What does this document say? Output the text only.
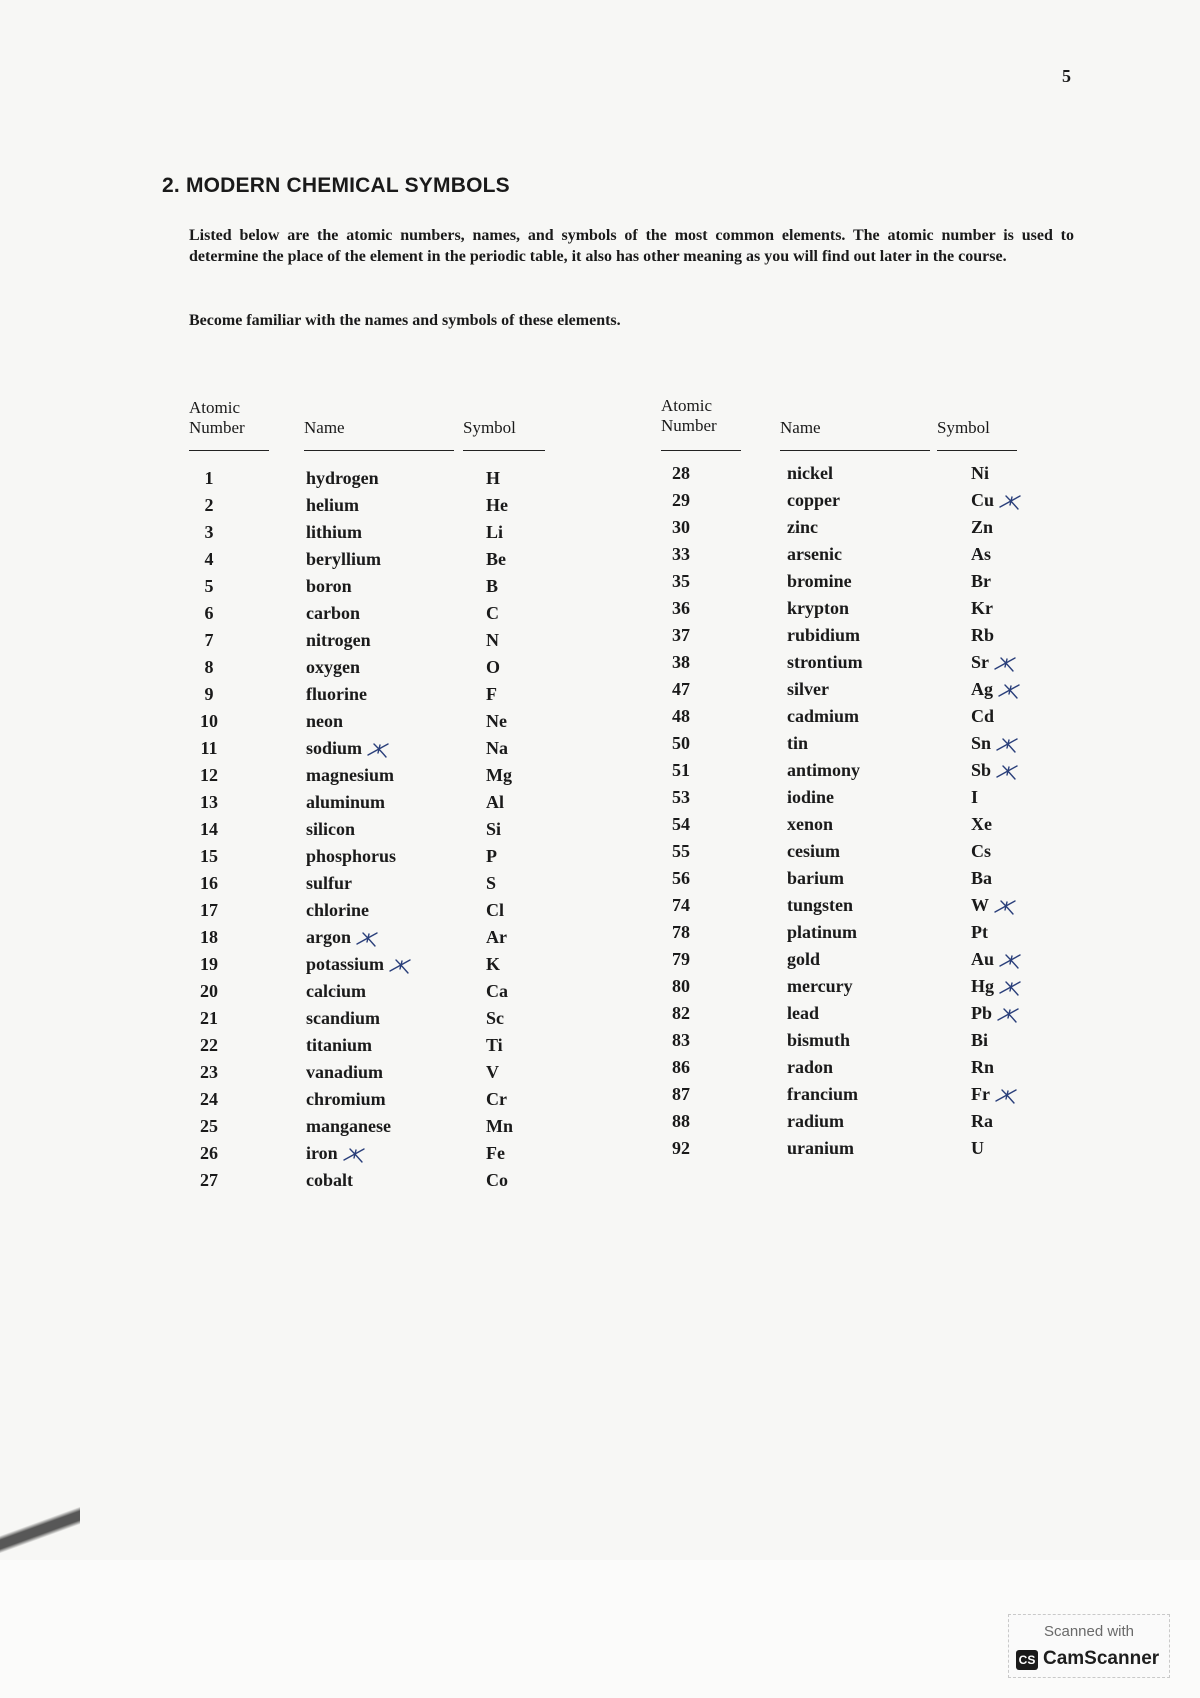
5
2. MODERN CHEMICAL SYMBOLS
Listed below are the atomic numbers, names, and symbols of the most common elements. The atomic number is used to determine the place of the element in the periodic table, it also has other meaning as you will find out later in the course.
Become familiar with the names and symbols of these elements.
Atomic
Number	Name	Symbol
1	hydrogen	H
2	helium	He
3	lithium	Li
4	beryllium	Be
5	boron	B
6	carbon	C
7	nitrogen	N
8	oxygen	O
9	fluorine	F
10	neon	Ne
11	sodium	Na
12	magnesium	Mg
13	aluminum	Al
14	silicon	Si
15	phosphorus	P
16	sulfur	S
17	chlorine	Cl
18	argon	Ar
19	potassium	K
20	calcium	Ca
21	scandium	Sc
22	titanium	Ti
23	vanadium	V
24	chromium	Cr
25	manganese	Mn
26	iron	Fe
27	cobalt	Co
Atomic
Number	Name	Symbol
28	nickel	Ni
29	copper	Cu
30	zinc	Zn
33	arsenic	As
35	bromine	Br
36	krypton	Kr
37	rubidium	Rb
38	strontium	Sr
47	silver	Ag
48	cadmium	Cd
50	tin	Sn
51	antimony	Sb
53	iodine	I
54	xenon	Xe
55	cesium	Cs
56	barium	Ba
74	tungsten	W
78	platinum	Pt
79	gold	Au
80	mercury	Hg
82	lead	Pb
83	bismuth	Bi
86	radon	Rn
87	francium	Fr
88	radium	Ra
92	uranium	U
Scanned with
CS CamScanner
